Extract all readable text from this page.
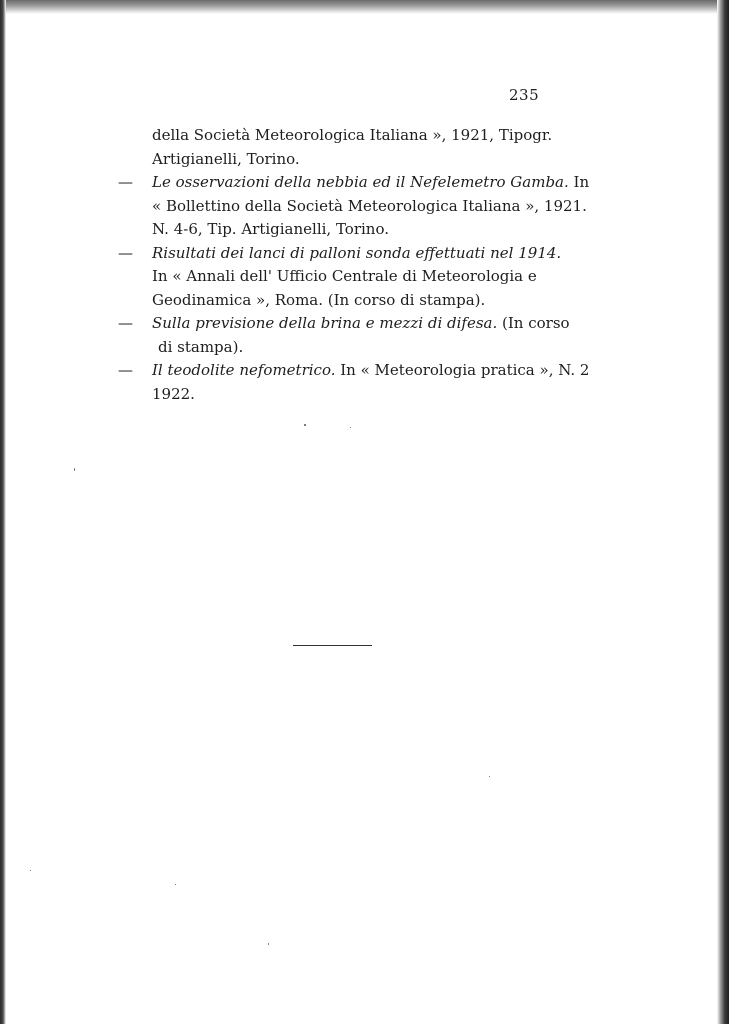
235
della Società Meteorologica Italiana », 1921, Tipogr.
Artigianelli, Torino.
— Le osservazioni della nebbia ed il Nefelemetro Gamba. In
« Bollettino della Società Meteorologica Italiana », 1921.
N. 4-6, Tip. Artigianelli, Torino.
— Risultati dei lanci di palloni sonda effettuati nel 1914.
In « Annali dell' Ufficio Centrale di Meteorologia e
Geodinamica », Roma. (In corso di stampa).
— Sulla previsione della brina e mezzi di difesa. (In corso
di stampa).
— Il teodolite nefometrico. In « Meteorologia pratica », N. 2
1922.
